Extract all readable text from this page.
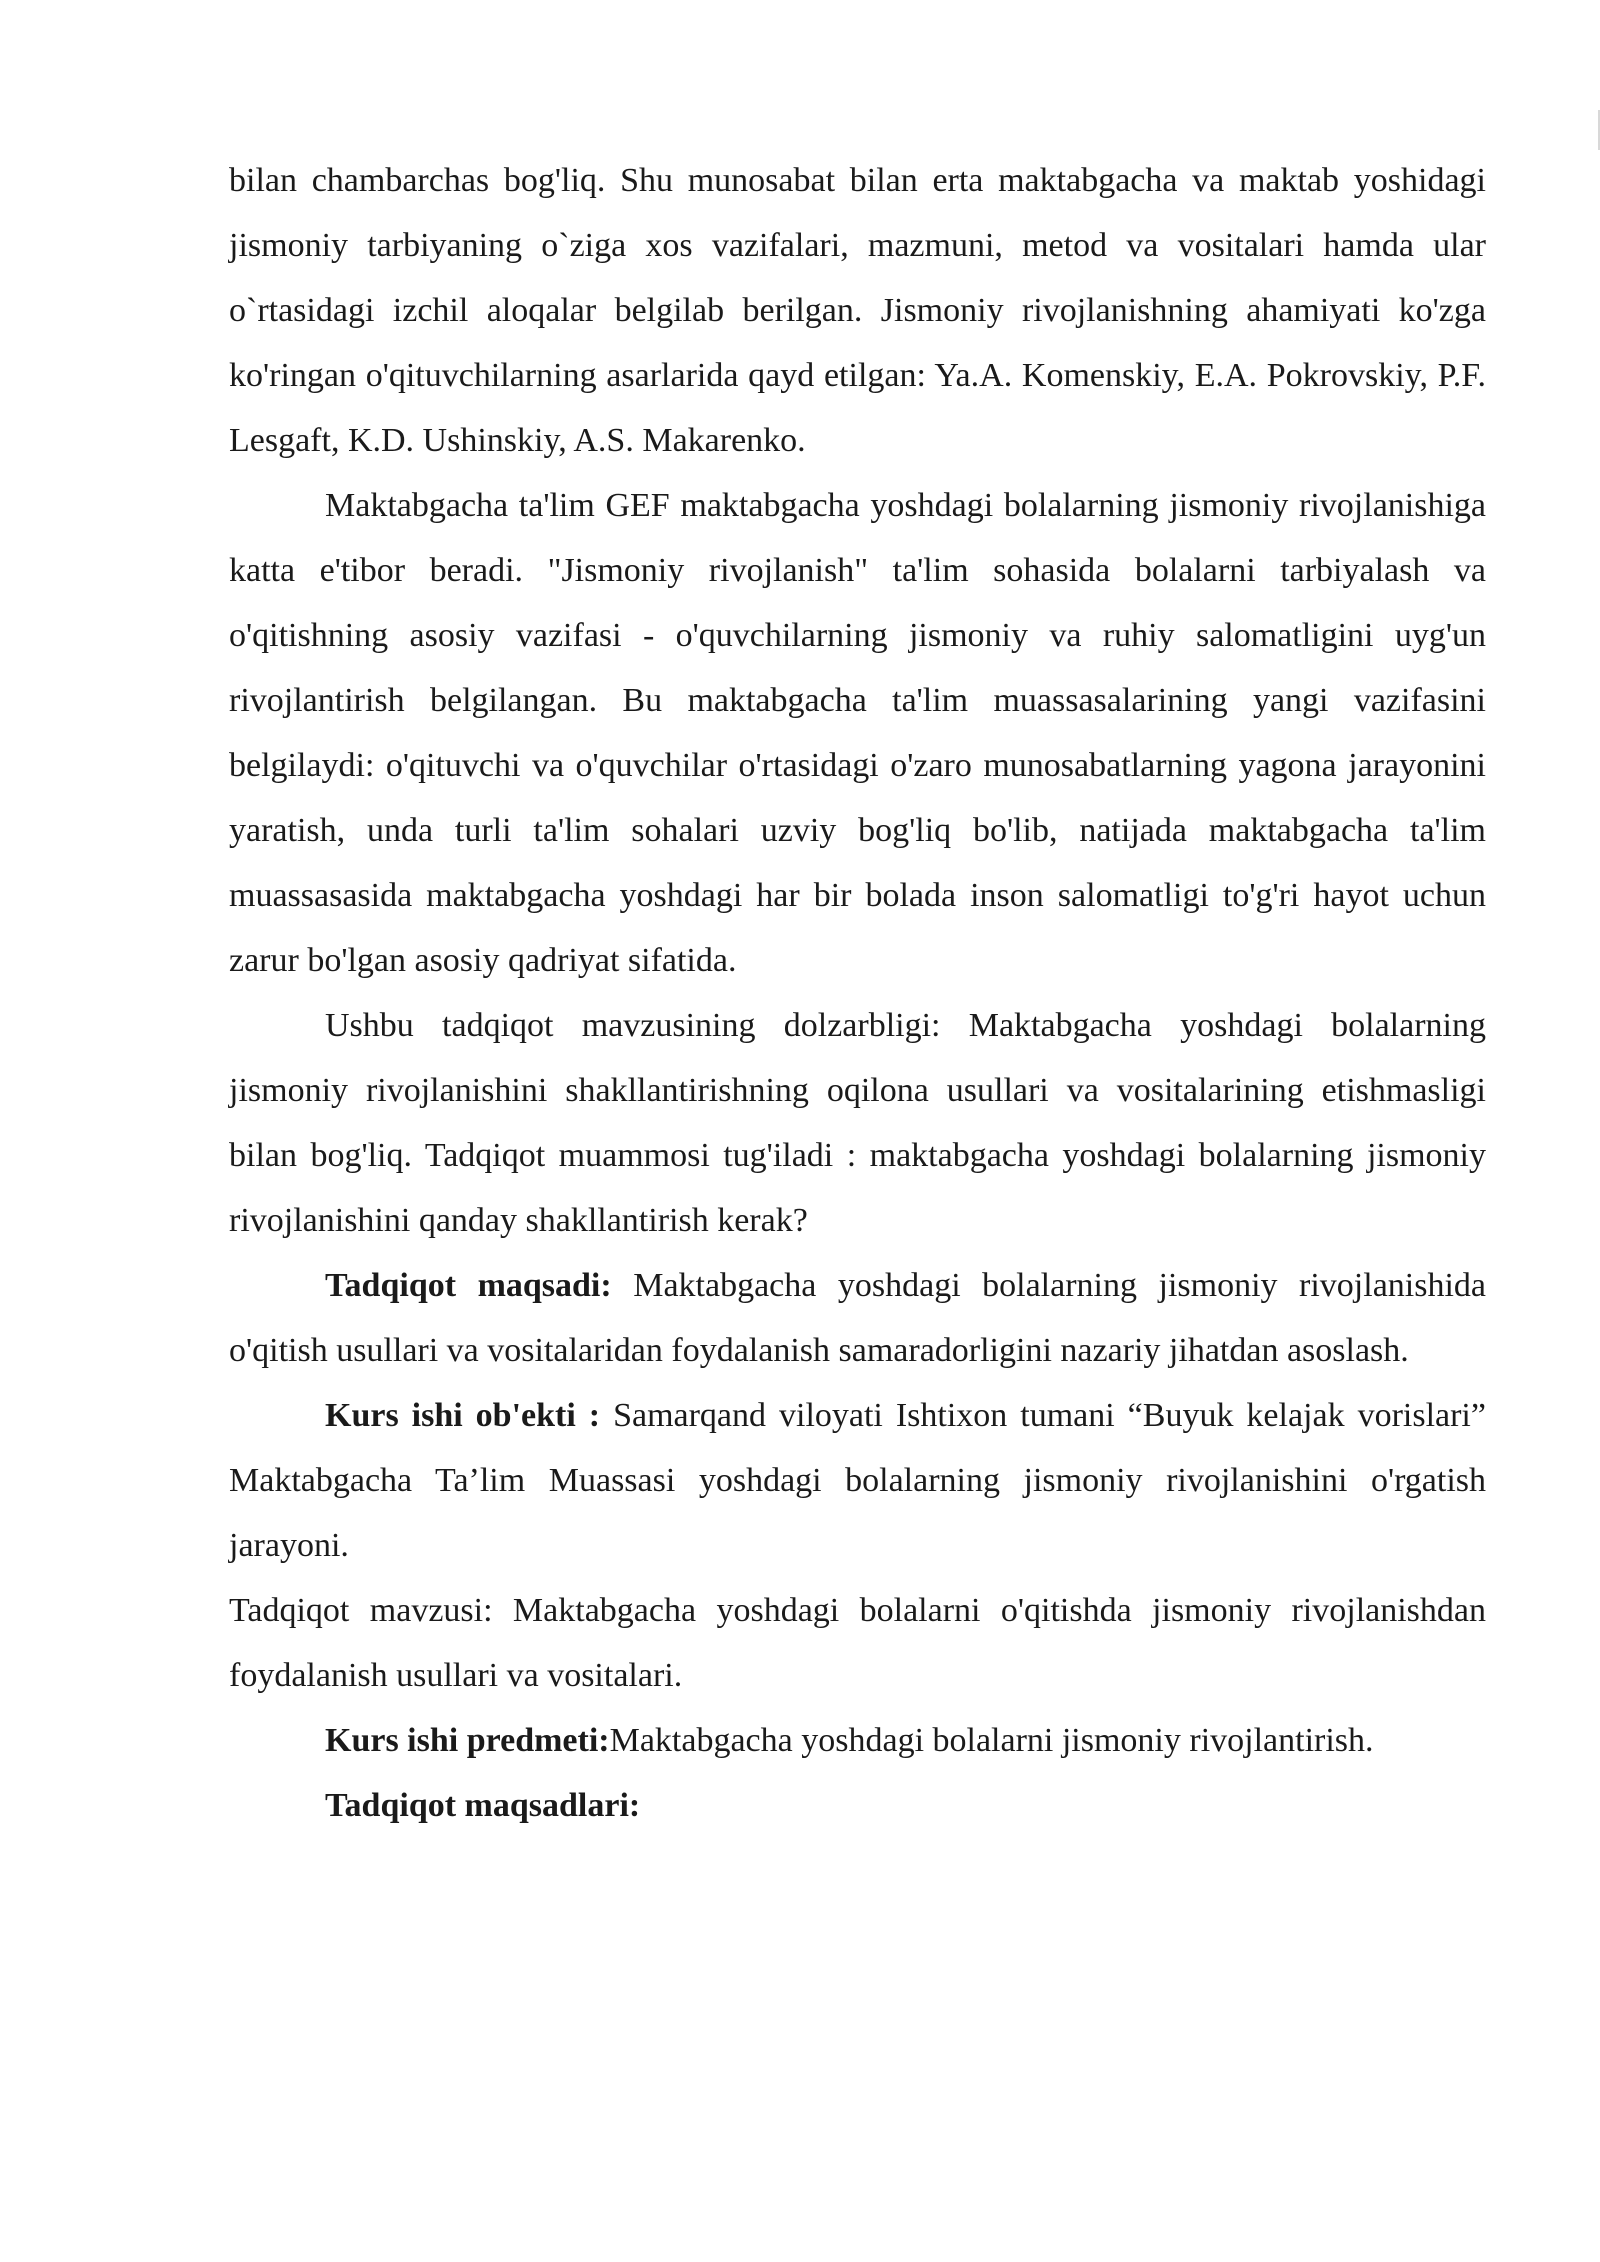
bilan chambarchas bog'liq. Shu munosabat bilan erta maktabgacha va maktab yoshidagi jismoniy tarbiyaning o`ziga xos vazifalari, mazmuni, metod va vositalari hamda ular o`rtasidagi izchil aloqalar belgilab berilgan. Jismoniy rivojlanishning ahamiyati ko'zga ko'ringan o'qituvchilarning asarlarida qayd etilgan: Ya.A. Komenskiy, E.A. Pokrovskiy, P.F. Lesgaft, K.D. Ushinskiy, A.S. Makarenko.

Maktabgacha ta'lim GEF maktabgacha yoshdagi bolalarning jismoniy rivojlanishiga katta e'tibor beradi. "Jismoniy rivojlanish" ta'lim sohasida bolalarni tarbiyalash va o'qitishning asosiy vazifasi - o'quvchilarning jismoniy va ruhiy salomatligini uyg'un rivojlantirish belgilangan. Bu maktabgacha ta'lim muassasalarining yangi vazifasini belgilaydi: o'qituvchi va o'quvchilar o'rtasidagi o'zaro munosabatlarning yagona jarayonini yaratish, unda turli ta'lim sohalari uzviy bog'liq bo'lib, natijada maktabgacha ta'lim muassasasida maktabgacha yoshdagi har bir bolada inson salomatligi to'g'ri hayot uchun zarur bo'lgan asosiy qadriyat sifatida.

Ushbu tadqiqot mavzusining dolzarbligi: Maktabgacha yoshdagi bolalarning jismoniy rivojlanishini shakllantirishning oqilona usullari va vositalarining etishmasligi bilan bog'liq. Tadqiqot muammosi tug'iladi : maktabgacha yoshdagi bolalarning jismoniy rivojlanishini qanday shakllantirish kerak?

Tadqiqot maqsadi: Maktabgacha yoshdagi bolalarning jismoniy rivojlanishida o'qitish usullari va vositalaridan foydalanish samaradorligini nazariy jihatdan asoslash.

Kurs ishi ob'ekti : Samarqand viloyati Ishtixon tumani “Buyuk kelajak vorislari” Maktabgacha Ta’lim Muassasi yoshdagi bolalarning jismoniy rivojlanishini o'rgatish jarayoni.

Tadqiqot mavzusi: Maktabgacha yoshdagi bolalarni o'qitishda jismoniy rivojlanishdan foydalanish usullari va vositalari.

Kurs ishi predmeti:Maktabgacha yoshdagi bolalarni jismoniy rivojlantirish.

Tadqiqot maqsadlari:
